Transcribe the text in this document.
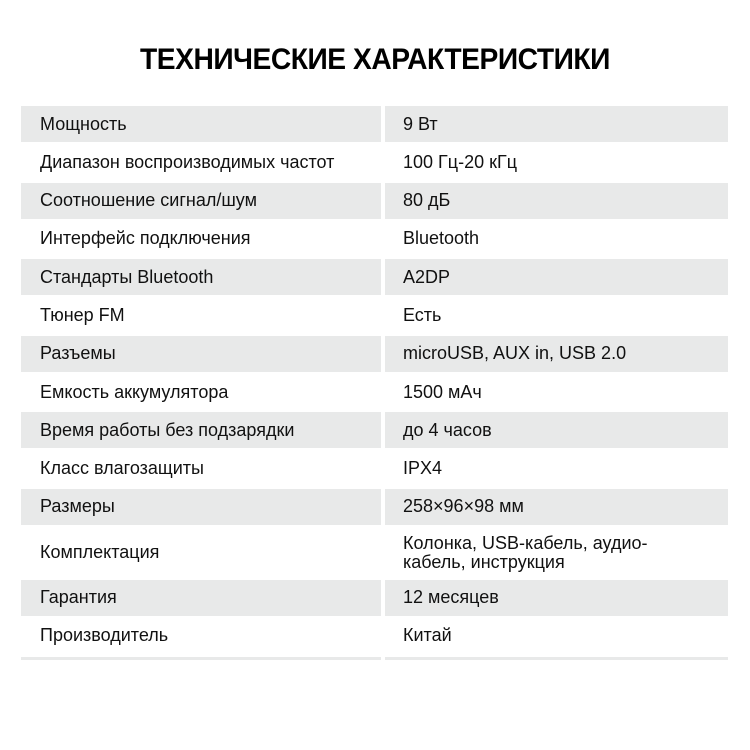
ТЕХНИЧЕСКИЕ ХАРАКТЕРИСТИКИ
Мощность	9 Вт
Диапазон воспроизводимых частот	100 Гц-20 кГц
Соотношение сигнал/шум	80 дБ
Интерфейс подключения	Bluetooth
Стандарты Bluetooth	A2DP
Тюнер FM	Есть
Разъемы	microUSB, AUX in, USB 2.0
Емкость аккумулятора	1500 мАч
Время работы без подзарядки	до 4 часов
Класс влагозащиты	IPX4
Размеры	258×96×98 мм
Комплектация	Колонка, USB-кабель, аудио-
кабель, инструкция
Гарантия	12 месяцев
Производитель	Китай
